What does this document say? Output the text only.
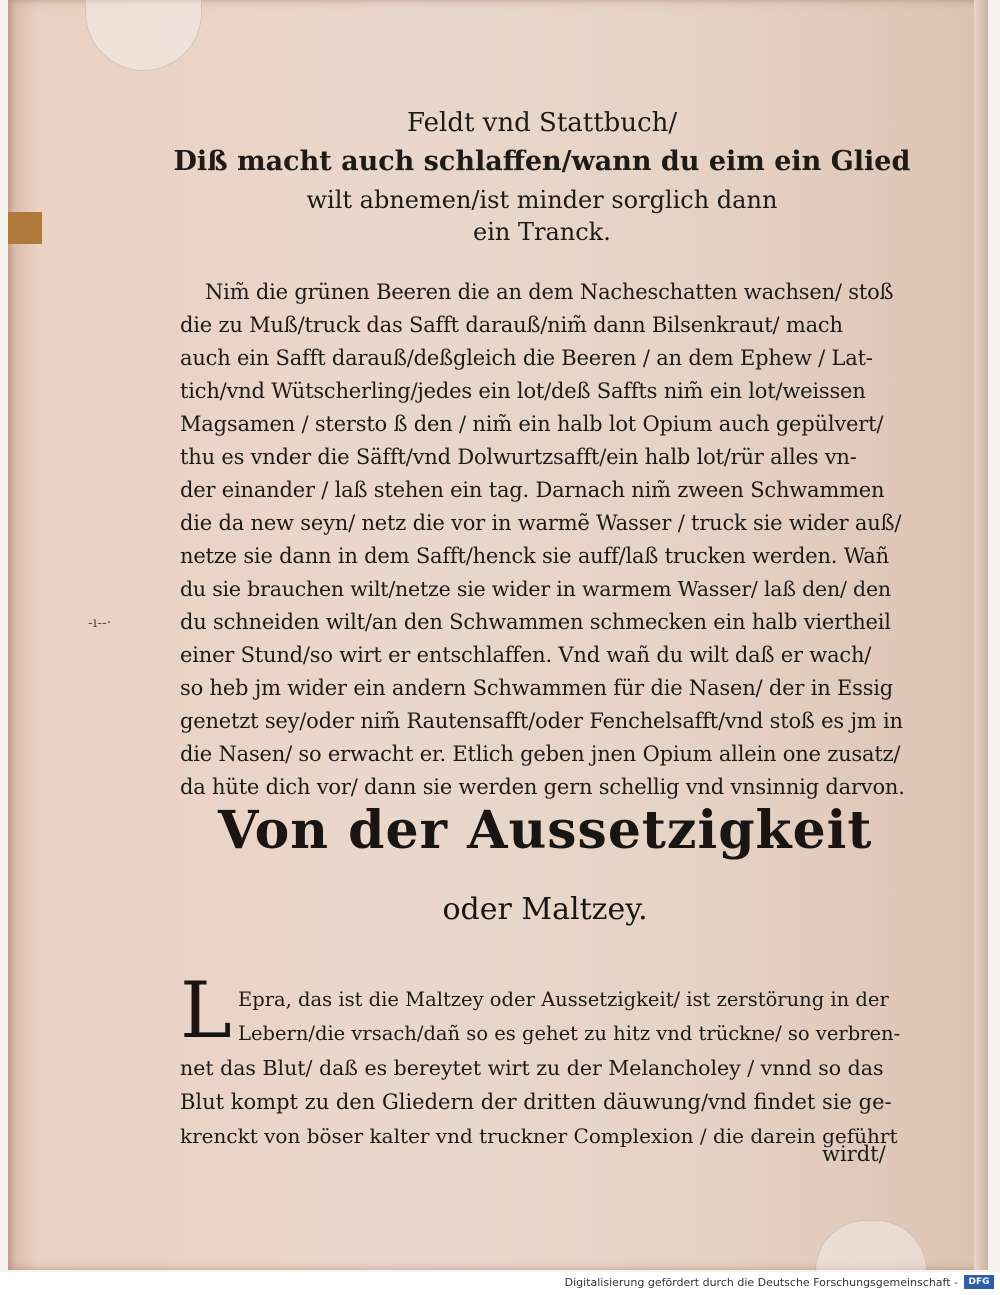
Feldt vnd Stattbuch/
Diß macht auch schlaffen/wann du eim ein Glied
wilt abnemen/ist minder sorglich dann
ein Tranck.
Nim̃ die grünen Beeren die an dem Nacheschatten wachsen/ stoß
die zu Muß/truck das Safft darauß/nim̃ dann Bilsenkraut/ mach
auch ein Safft darauß/deßgleich die Beeren / an dem Ephew / Lat-
tich/vnd Wütscherling/jedes ein lot/deß Saffts nim̃ ein lot/weissen
Magsamen / stersto ß den / nim̃ ein halb lot Opium auch gepülvert/
thu es vnder die Säfft/vnd Dolwurtzsafft/ein halb lot/rür alles vn-
der einander / laß stehen ein tag. Darnach nim̃ zween Schwammen
die da new seyn/ netz die vor in warmẽ Wasser / truck sie wider auß/
netze sie dann in dem Safft/henck sie auff/laß trucken werden. Wañ
du sie brauchen wilt/netze sie wider in warmem Wasser/ laß den/ den
du schneiden wilt/an den Schwammen schmecken ein halb viertheil
einer Stund/so wirt er entschlaffen. Vnd wañ du wilt daß er wach/
so heb jm wider ein andern Schwammen für die Nasen/ der in Essig
genetzt sey/oder nim̃ Rautensafft/oder Fenchelsafft/vnd stoß es jm in
die Nasen/ so erwacht er. Etlich geben jnen Opium allein one zusatz/
da hüte dich vor/ dann sie werden gern schellig vnd vnsinnig darvon.
-ı--·
Von der Aussetzigkeit
oder Maltzey.
L Epra, das ist die Maltzey oder Aussetzigkeit/ ist zerstörung in der
Lebern/die vrsach/dañ so es gehet zu hitz vnd trückne/ so verbren-
net das Blut/ daß es bereytet wirt zu der Melancholey / vnnd so das
Blut kompt zu den Gliedern der dritten däuwung/vnd findet sie ge-
krenckt von böser kalter vnd truckner Complexion / die darein geführt
wirdt/
Digitalisierung gefördert durch die Deutsche Forschungsgemeinschaft -	DFG
